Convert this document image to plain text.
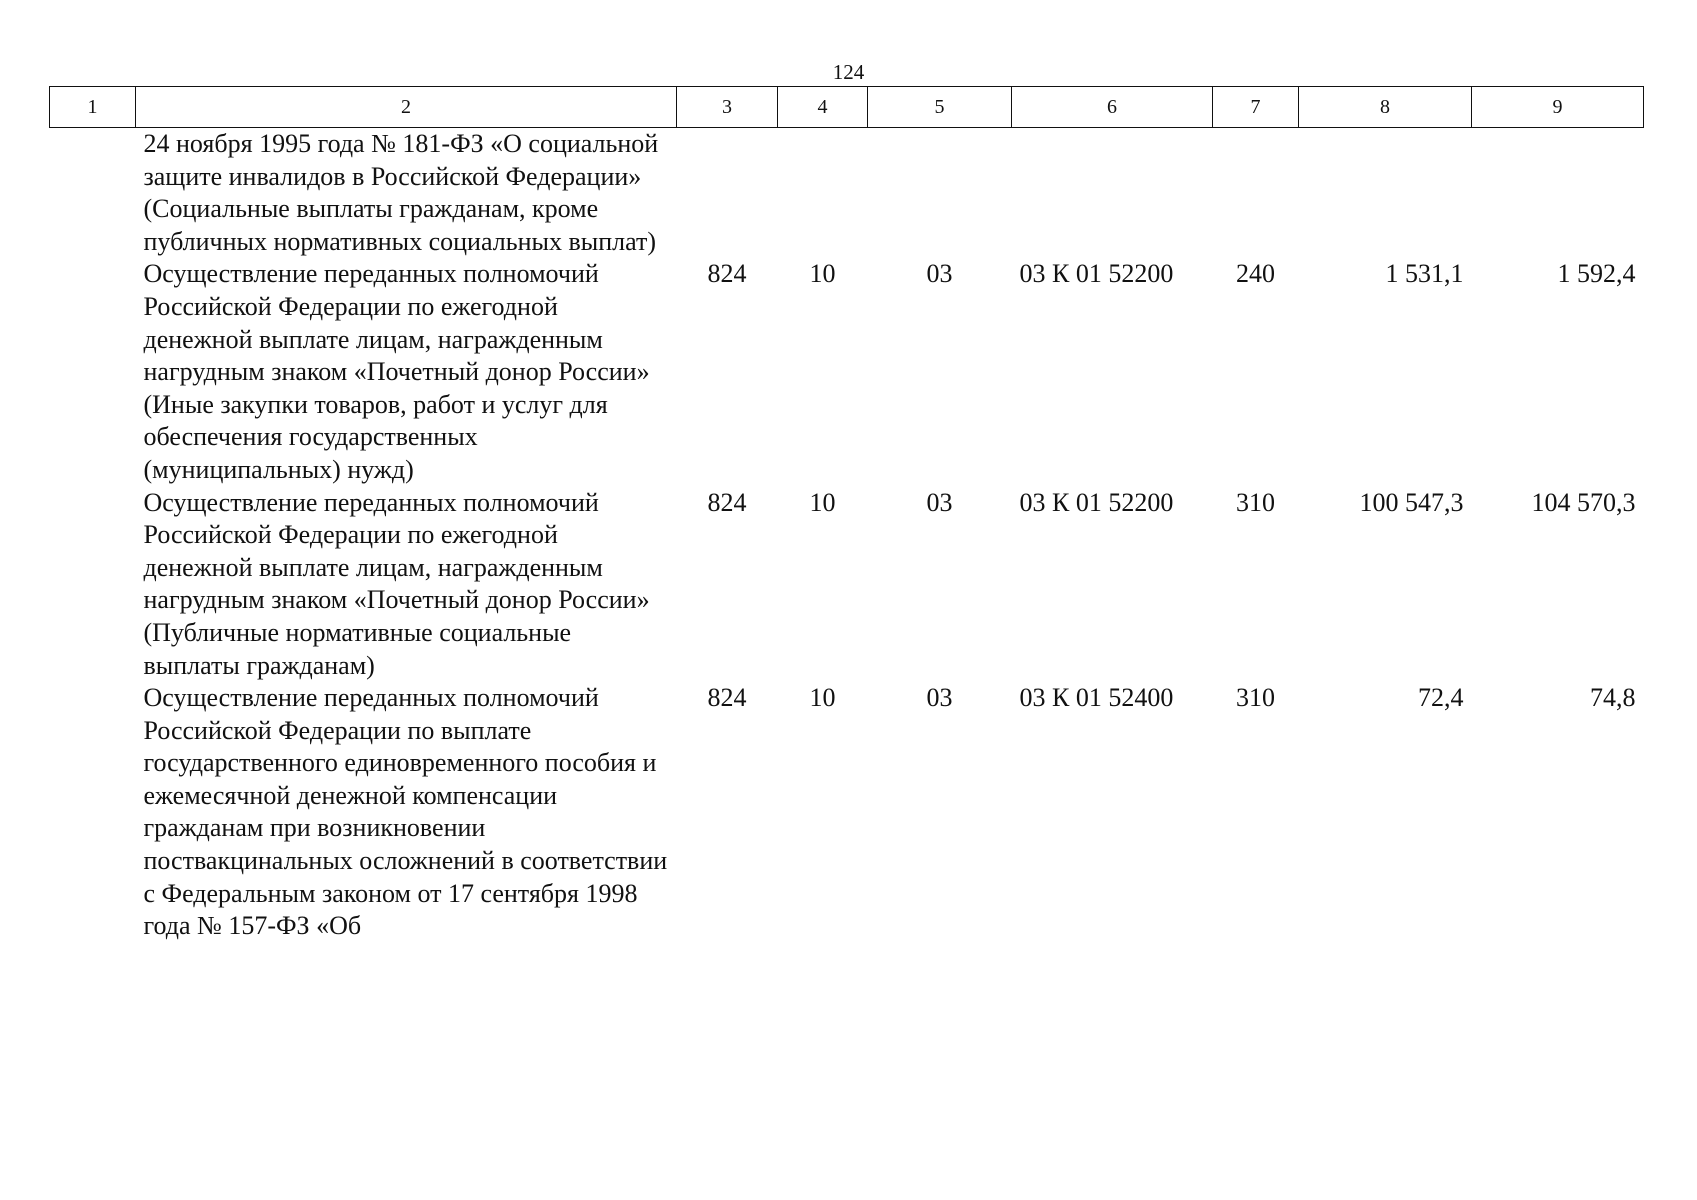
124
1	2	3	4	5	6	7	8	9
	24 ноября 1995 года № 181-ФЗ «О социальной защите инвалидов в Российской Федерации» (Социальные выплаты гражданам, кроме публичных нормативных социальных выплат)							
	Осуществление переданных полномочий Российской Федерации по ежегодной денежной выплате лицам, награжденным нагрудным знаком «Почетный донор России» (Иные закупки товаров, работ и услуг для обеспечения государственных (муниципальных) нужд)	824	10	03	03 К 01 52200	240	1 531,1	1 592,4
	Осуществление переданных полномочий Российской Федерации по ежегодной денежной выплате лицам, награжденным нагрудным знаком «Почетный донор России» (Публичные нормативные социальные выплаты гражданам)	824	10	03	03 К 01 52200	310	100 547,3	104 570,3
	Осуществление переданных полномочий Российской Федерации по выплате государственного единовременного пособия и ежемесячной денежной компенсации гражданам при возникновении поствакцинальных осложнений в соответствии с Федеральным законом от 17 сентября 1998 года № 157-ФЗ «Об	824	10	03	03 К 01 52400	310	72,4	74,8
